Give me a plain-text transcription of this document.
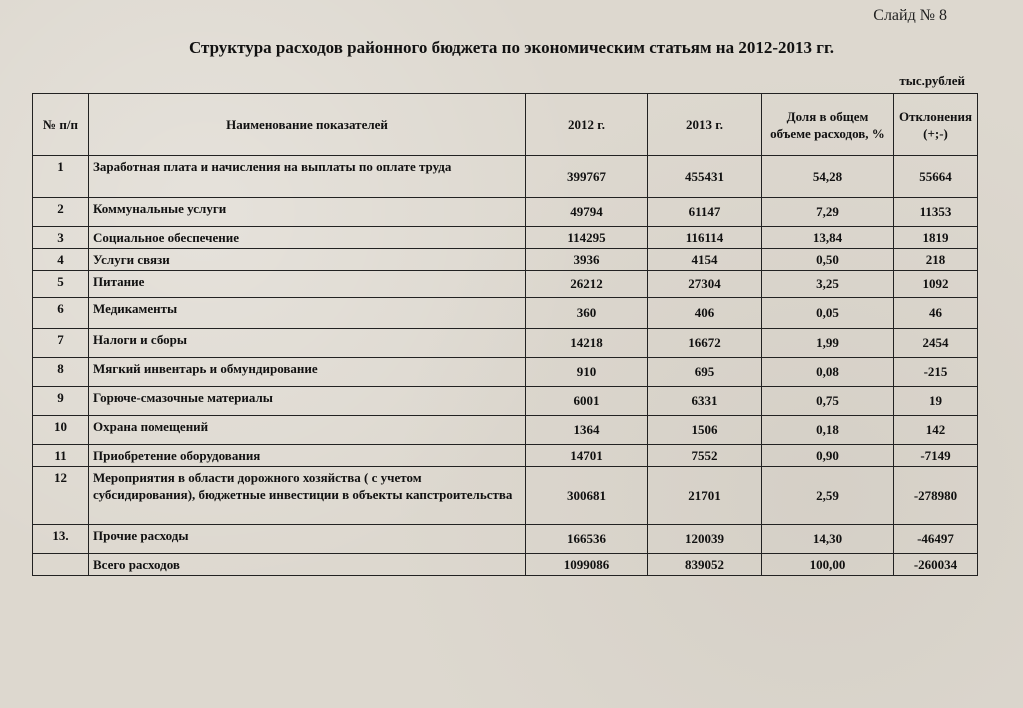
Слайд № 8
Структура расходов районного бюджета по экономическим статьям на 2012-2013 гг.
тыс.рублей
№ п/п	Наименование показателей	2012 г.	2013 г.	Доля в общем объеме расходов, %	Отклонения (+;-)
1	Заработная плата и начисления на выплаты по оплате труда	399767	455431	54,28	55664
2	Коммунальные услуги	49794	61147	7,29	11353
3	Социальное обеспечение	114295	116114	13,84	1819
4	Услуги связи	3936	4154	0,50	218
5	Питание	26212	27304	3,25	1092
6	Медикаменты	360	406	0,05	46
7	Налоги и сборы	14218	16672	1,99	2454
8	Мягкий инвентарь и обмундирование	910	695	0,08	-215
9	Горюче-смазочные материалы	6001	6331	0,75	19
10	Охрана помещений	1364	1506	0,18	142
11	Приобретение оборудования	14701	7552	0,90	-7149
12	Мероприятия в области дорожного хозяйства ( с учетом субсидирования), бюджетные инвестиции в объекты капстроительства	300681	21701	2,59	-278980
13.	Прочие расходы	166536	120039	14,30	-46497
	Всего расходов	1099086	839052	100,00	-260034
